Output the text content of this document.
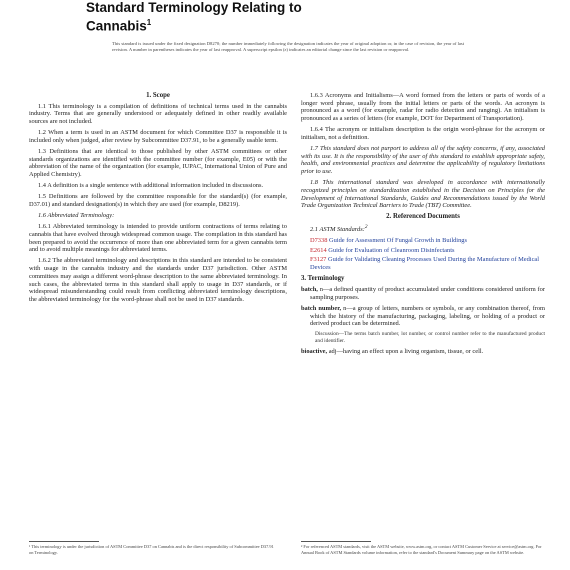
Standard Terminology Relating to
Cannabis$^1$
This standard is issued under the fixed designation D8270; the number immediately following the designation indicates the year of original adoption or, in the case of revision, the year of last revision. A number in parentheses indicates the year of last reapproval. A superscript epsilon (ε) indicates an editorial change since the last revision or reapproval.
1. Scope

1.1 This terminology is a compilation of definitions of technical terms used in the cannabis industry. Terms that are generally understood or adequately defined in other readily available sources are not included.

1.2 When a term is used in an ASTM document for which Committee D37 is responsible it is included only when judged, after review by Subcommittee D37.91, to be a generally usable term.

1.3 Definitions that are identical to those published by other ASTM committees or other standards organizations are identified with the committee number (for example, E05) or with the abbreviation of the name of the organization (for example, IUPAC, International Union of Pure and Applied Chemistry).

1.4 A definition is a single sentence with additional information included in discussions.

1.5 Definitions are followed by the committee responsible for the standard(s) (for example, D37.01) and standard designation(s) in which they are used (for example, D8219).

1.6 Abbreviated Terminology:

1.6.1 Abbreviated terminology is intended to provide uniform contractions of terms relating to cannabis that have evolved through widespread common usage. The compilation in this standard has been prepared to avoid the occurrence of more than one abbreviated term for a given cannabis term and to avoid multiple meanings for abbreviated terms.

1.6.2 The abbreviated terminology and descriptions in this standard are intended to be consistent with usage in the cannabis industry and the standards under D37 jurisdiction. Other ASTM committees may assign a different word-phrase description to the same abbreviated terminology. In such cases, the abbreviated terms in this standard shall apply to usage in D37 standards, or if widespread misunderstanding could result from conflicting abbreviated terminology descriptions, the abbreviated terminology for the word-phrase shall not be used in D37 standards.

¹ This terminology is under the jurisdiction of ASTM Committee D37 on Cannabis and is the direct responsibility of Subcommittee D37.91 on Terminology.

1.6.3 Acronyms and Initialisms—A word formed from the letters or parts of words of a longer word phrase, usually from the initial letters or parts of the words. An acronym is pronounced as a word (for example, radar for radio detection and ranging). An initialism is pronounced as a series of letters (for example, DOT for Department of Transportation).

1.6.4 The acronym or initialism description is the origin word-phrase for the acronym or initialism, not a definition.

1.7 This standard does not purport to address all of the safety concerns, if any, associated with its use. It is the responsibility of the user of this standard to establish appropriate safety, health, and environmental practices and determine the applicability of regulatory limitations prior to use.

1.8 This international standard was developed in accordance with internationally recognized principles on standardization established in the Decision on Principles for the Development of International Standards, Guides and Recommendations issued by the World Trade Organization Technical Barriers to Trade (TBT) Committee.

2. Referenced Documents

2.1 ASTM Standards:$^2$

D7338 Guide for Assessment Of Fungal Growth in Buildings
E2614 Guide for Evaluation of Cleanroom Disinfectants
F3127 Guide for Validating Cleaning Processes Used During the Manufacture of Medical Devices
3. Terminology

batch, n—a defined quantity of product accumulated under conditions considered uniform for sampling purposes.

batch number, n—a group of letters, numbers or symbols, or any combination thereof, from which the history of the manufacturing, packaging, labeling, or holding of a product or derived product can be determined.

Discussion—The terms batch number, lot number, or control number refer to the manufactured product and identifier.

bioactive, adj—having an effect upon a living organism, tissue, or cell.

² For referenced ASTM standards, visit the ASTM website, www.astm.org, or contact ASTM Customer Service at service@astm.org. For Annual Book of ASTM Standards volume information, refer to the standard's Document Summary page on the ASTM website.
